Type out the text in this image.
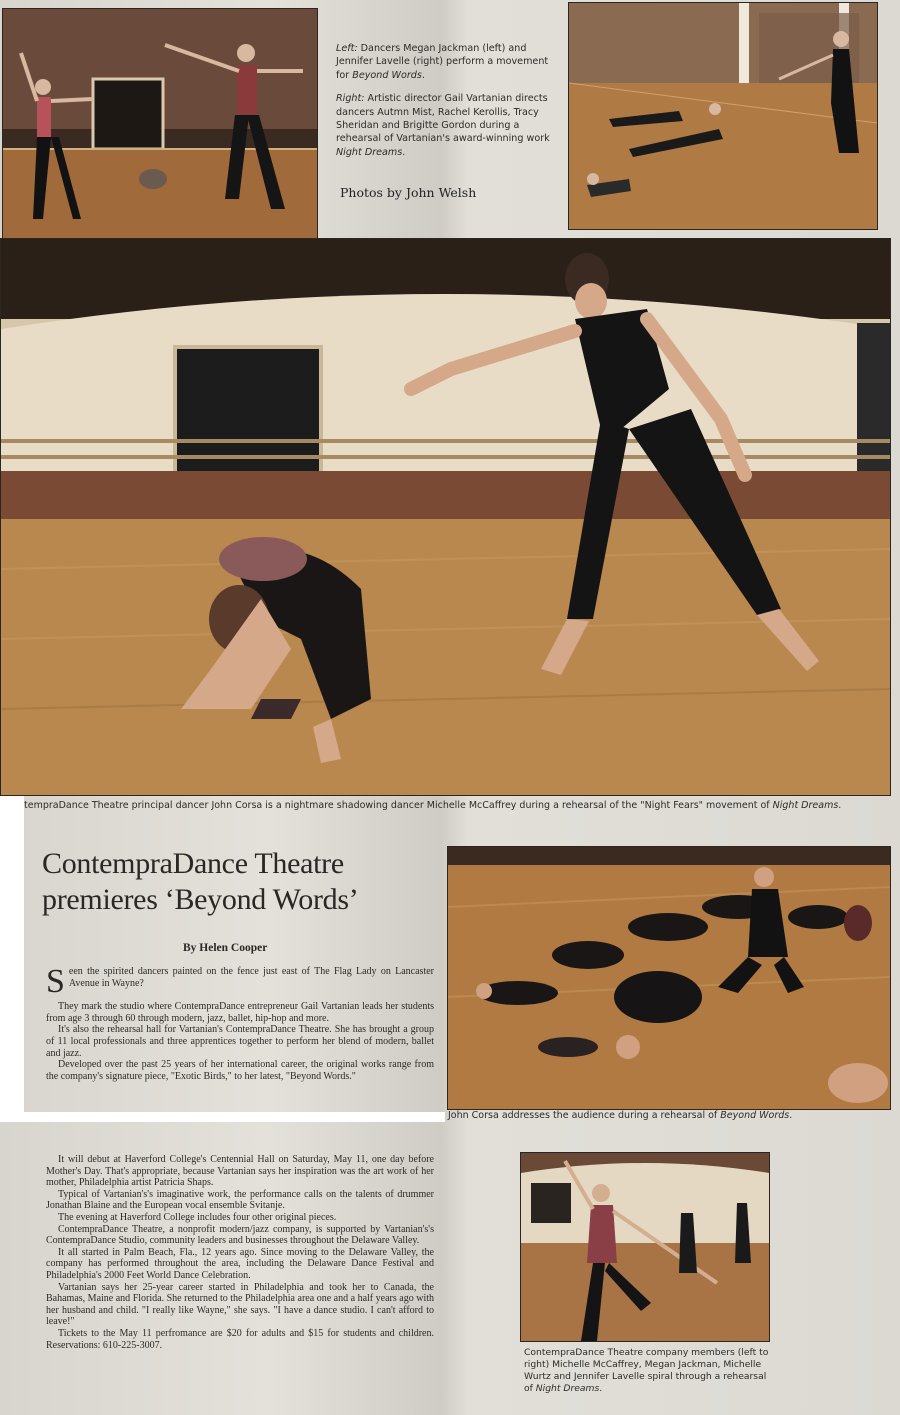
Left: Dancers Megan Jackman (left) and Jennifer Lavelle (right) perform a movement for Beyond Words.

Right: Artistic director Gail Vartanian directs dancers Autmn Mist, Rachel Kerollis, Tracy Sheridan and Brigitte Gordon during a rehearsal of Vartanian's award-winning work Night Dreams.

Photos by John Welsh
tempraDance Theatre principal dancer John Corsa is a nightmare shadowing dancer Michelle McCaffrey during a rehearsal of the "Night Fears" movement of Night Dreams.
ContempraDance Theatre premieres ‘Beyond Words’
By Helen Cooper

Seen the spirited dancers painted on the fence just east of The Flag Lady on Lancaster Avenue in Wayne?

They mark the studio where ContempraDance entrepreneur Gail Vartanian leads her students from age 3 through 60 through modern, jazz, ballet, hip-hop and more.

It's also the rehearsal hall for Vartanian's ContempraDance Theatre. She has brought a group of 11 local professionals and three apprentices together to perform her blend of modern, ballet and jazz.

Developed over the past 25 years of her international career, the original works range from the company's signature piece, "Exotic Birds," to her latest, "Beyond Words."

It will debut at Haverford College's Centennial Hall on Saturday, May 11, one day before Mother's Day. That's appropriate, because Vartanian says her inspiration was the art work of her mother, Philadelphia artist Patricia Shaps.

Typical of Vartanian's's imaginative work, the performance calls on the talents of drummer Jonathan Blaine and the European vocal ensemble Svitanje.

The evening at Haverford College includes four other original pieces.

ContempraDance Theatre, a nonprofit modern/jazz company, is supported by Vartanian's's ContempraDance Studio, community leaders and businesses throughout the Delaware Valley.

It all started in Palm Beach, Fla., 12 years ago. Since moving to the Delaware Valley, the company has performed throughout the area, including the Delaware Dance Festival and Philadelphia's 2000 Feet World Dance Celebration.

Vartanian says her 25-year career started in Philadelphia and took her to Canada, the Bahamas, Maine and Florida. She returned to the Philadelphia area one and a half years ago with her husband and child. "I really like Wayne," she says. "I have a dance studio. I can't afford to leave!"

Tickets to the May 11 perfromance are $20 for adults and $15 for students and children. Reservations: 610-225-3007.

John Corsa addresses the audience during a rehearsal of Beyond Words.
ContempraDance Theatre company members (left to right) Michelle McCaffrey, Megan Jackman, Michelle Wurtz and Jennifer Lavelle spiral through a rehearsal of Night Dreams.
